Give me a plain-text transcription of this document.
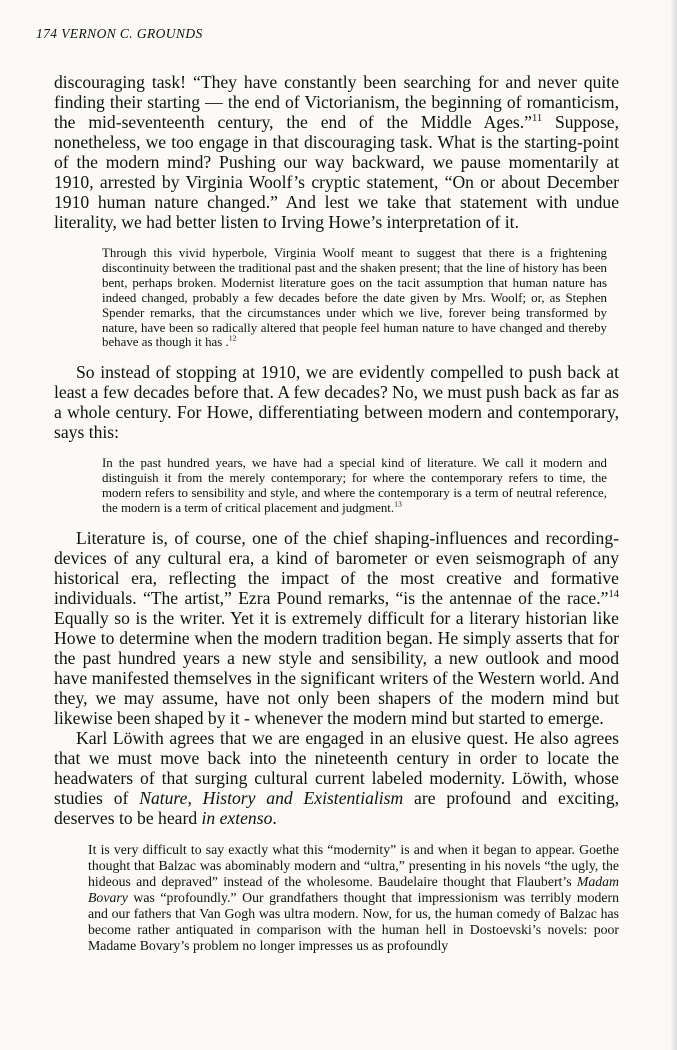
174 VERNON C. GROUNDS

discouraging task! “They have constantly been searching for and never quite finding their starting — the end of Victorianism, the beginning of romanticism, the mid-seventeenth century, the end of the Middle Ages.”$^{11}$ Suppose, nonetheless, we too engage in that discouraging task. What is the starting-point of the modern mind? Pushing our way backward, we pause momentarily at 1910, arrested by Virginia Woolf’s cryptic statement, “On or about December 1910 human nature changed.” And lest we take that statement with undue literality, we had better listen to Irving Howe’s interpretation of it.

Through this vivid hyperbole, Virginia Woolf meant to suggest that there is a frightening discontinuity between the traditional past and the shaken present; that the line of history has been bent, perhaps broken. Modernist literature goes on the tacit assumption that human nature has indeed changed, probably a few decades before the date given by Mrs. Woolf; or, as Stephen Spender remarks, that the circumstances under which we live, forever being transformed by nature, have been so radically altered that people feel human nature to have changed and thereby behave as though it has .$^{12}$

So instead of stopping at 1910, we are evidently compelled to push back at least a few decades before that. A few decades? No, we must push back as far as a whole century. For Howe, differentiating between modern and contemporary, says this:

In the past hundred years, we have had a special kind of literature. We call it modern and distinguish it from the merely contemporary; for where the contemporary refers to time, the modern refers to sensibility and style, and where the contemporary is a term of neutral reference, the modern is a term of critical placement and judgment.$^{13}$

Literature is, of course, one of the chief shaping-influences and recording-devices of any cultural era, a kind of barometer or even seismograph of any historical era, reflecting the impact of the most creative and formative individuals. “The artist,” Ezra Pound remarks, “is the antennae of the race.”$^{14}$ Equally so is the writer. Yet it is extremely difficult for a literary historian like Howe to determine when the modern tradition began. He simply asserts that for the past hundred years a new style and sensibility, a new outlook and mood have manifested themselves in the significant writers of the Western world. And they, we may assume, have not only been shapers of the modern mind but likewise been shaped by it - whenever the modern mind but started to emerge.

Karl Löwith agrees that we are engaged in an elusive quest. He also agrees that we must move back into the nineteenth century in order to locate the headwaters of that surging cultural current labeled modernity. Löwith, whose studies of Nature, History and Existentialism are profound and exciting, deserves to be heard in extenso.

It is very difficult to say exactly what this “modernity” is and when it began to appear. Goethe thought that Balzac was abominably modern and “ultra,” presenting in his novels “the ugly, the hideous and depraved” instead of the wholesome. Baudelaire thought that Flaubert’s Madam Bovary was “profoundly.” Our grandfathers thought that impressionism was terribly modern and our fathers that Van Gogh was ultra modern. Now, for us, the human comedy of Balzac has become rather antiquated in comparison with the human hell in Dostoevski’s novels: poor Madame Bovary’s problem no longer impresses us as profoundly
